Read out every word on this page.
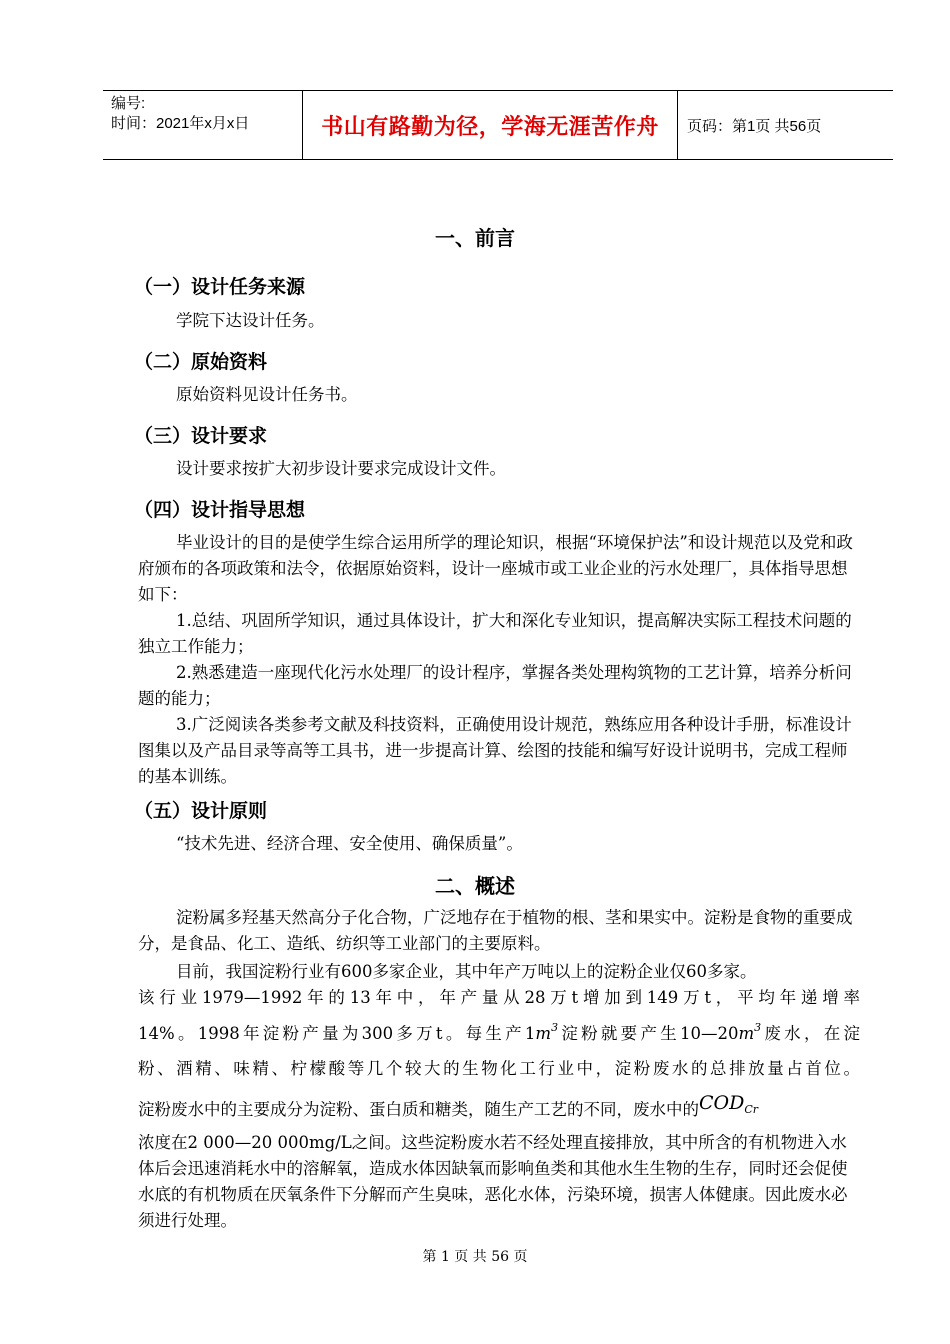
编号:
时间：2021年x月x日	书山有路勤为径，学海无涯苦作舟	页码：第1页 共56页
一、前言
（一）设计任务来源
学院下达设计任务。
（二）原始资料
原始资料见设计任务书。
（三）设计要求
设计要求按扩大初步设计要求完成设计文件。
（四）设计指导思想
毕业设计的目的是使学生综合运用所学的理论知识，根据“环境保护法”和设计规范以及党和政府颁布的各项政策和法令，依据原始资料，设计一座城市或工业企业的污水处理厂，具体指导思想如下：
1.总结、巩固所学知识，通过具体设计，扩大和深化专业知识，提高解决实际工程技术问题的独立工作能力；
2.熟悉建造一座现代化污水处理厂的设计程序，掌握各类处理构筑物的工艺计算，培养分析问题的能力；
3.广泛阅读各类参考文献及科技资料，正确使用设计规范，熟练应用各种设计手册，标准设计图集以及产品目录等高等工具书，进一步提高计算、绘图的技能和编写好设计说明书，完成工程师的基本训练。
（五）设计原则
“技术先进、经济合理、安全使用、确保质量”。
二、概述
淀粉属多羟基天然高分子化合物，广泛地存在于植物的根、茎和果实中。淀粉是食物的重要成分，是食品、化工、造纸、纺织等工业部门的主要原料。
目前，我国淀粉行业有600多家企业，其中年产万吨以上的淀粉企业仅60多家。
该行业1979—1992年的13年中，年产量从28万t增加到149万t，平均年递增率
14%。1998年淀粉产量为300多万t。每生产$1m^3$淀粉就要产生$10—20m^3$废水，在淀
粉、酒精、味精、柠檬酸等几个较大的生物化工行业中，淀粉废水的总排放量占首位。
淀粉废水中的主要成分为淀粉、蛋白质和糖类，随生产工艺的不同，废水中的$COD_{Cr}$
浓度在2 000—20 000mg/L之间。这些淀粉废水若不经处理直接排放，其中所含的有机物进入水体后会迅速消耗水中的溶解氧，造成水体因缺氧而影响鱼类和其他水生生物的生存，同时还会促使水底的有机物质在厌氧条件下分解而产生臭味，恶化水体，污染环境，损害人体健康。因此废水必须进行处理。
第 1 页 共 56 页
